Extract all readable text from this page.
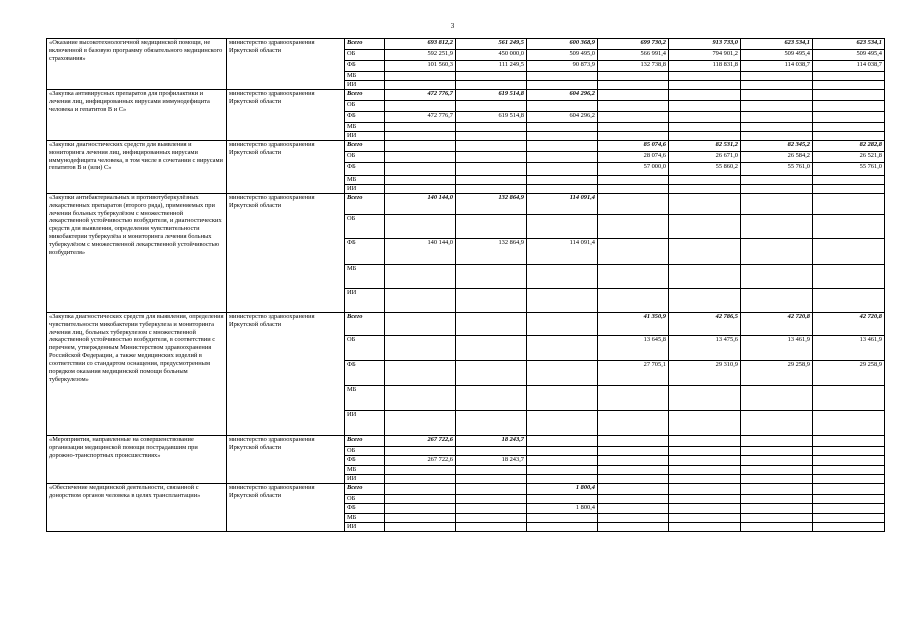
3
«Оказание высокотехнологичной медицинской помощи, не включенной в базовую программу обязательного медицинского страхования»	министерство здравоохранения Иркутской области	Всего	693 812,2	561 249,5	600 368,9	699 730,2	913 733,0	623 534,1	623 534,1
		ОБ	592 251,9	450 000,0	509 495,0	566 991,4	794 901,2	509 495,4	509 495,4
		ФБ	101 560,3	111 249,5	90 873,9	132 738,8	118 831,8	114 038,7	114 038,7
		МБ							
		ИИ							
«Закупка антивирусных препаратов для профилактики и лечения лиц, инфицированных вирусами иммунодефицита человека и гепатитов В и С»	министерство здравоохранения Иркутской области	Всего	472 776,7	619 514,8	604 296,2				
		ОБ							
		ФБ	472 776,7	619 514,8	604 296,2				
		МБ							
		ИИ							
«Закупки диагностических средств для выявления и мониторинга лечения лиц, инфицированных вирусами иммунодефицита человека, в том числе в сочетании с вирусами гепатитов В и (или) С»	министерство здравоохранения Иркутской области	Всего				85 074,6	82 531,2	82 345,2	82 282,8
		ОБ				28 074,6	26 671,0	26 584,2	26 521,8
		ФБ				57 000,0	55 860,2	55 761,0	55 761,0
		МБ							
		ИИ							
«Закупки антибактериальных и противотуберкулёзных лекарственных препаратов (второго ряда), применяемых при лечении больных туберкулёзом с множественной лекарственной устойчивостью возбудителя, и диагностических средств для выявления, определения чувствительности микобактерии туберкулёза и мониторинга лечения больных туберкулёзом с множественной лекарственной устойчивостью возбудителя»	министерство здравоохранения Иркутской области	Всего	140 144,0	132 864,9	114 091,4				
		ОБ							
		ФБ	140 144,0	132 864,9	114 091,4				
		МБ							
		ИИ							
«Закупка диагностических средств для выявления, определения чувствительности микобактерии туберкулеза и мониторинга лечения лиц, больных туберкулезом с множественной лекарственной устойчивостью возбудителя, в соответствии с перечнем, утвержденным Министерством здравоохранения Российской Федерации, а также медицинских изделий в соответствии со стандартом оснащения, предусмотренным порядком оказания медицинской помощи больным туберкулезом»	министерство здравоохранения Иркутской области	Всего				41 350,9	42 786,5	42 720,8	42 720,8
		ОБ				13 645,8	13 475,6	13 461,9	13 461,9
		ФБ				27 705,1	29 310,9	29 258,9	29 258,9
		МБ							
		ИИ							
«Мероприятия, направленные на совершенствование организации медицинской помощи пострадавшим при дорожно-транспортных происшествиях»	министерство здравоохранения Иркутской области	Всего	267 722,6	18 243,7					
		ОБ							
		ФБ	267 722,6	18 243,7					
		МБ							
		ИИ							
«Обеспечение медицинской деятельности, связанной с донорством органов человека в целях трансплантации»	министерство здравоохранения Иркутской области	Всего			1 800,4				
		ОБ							
		ФБ			1 800,4				
		МБ							
		ИИ							
